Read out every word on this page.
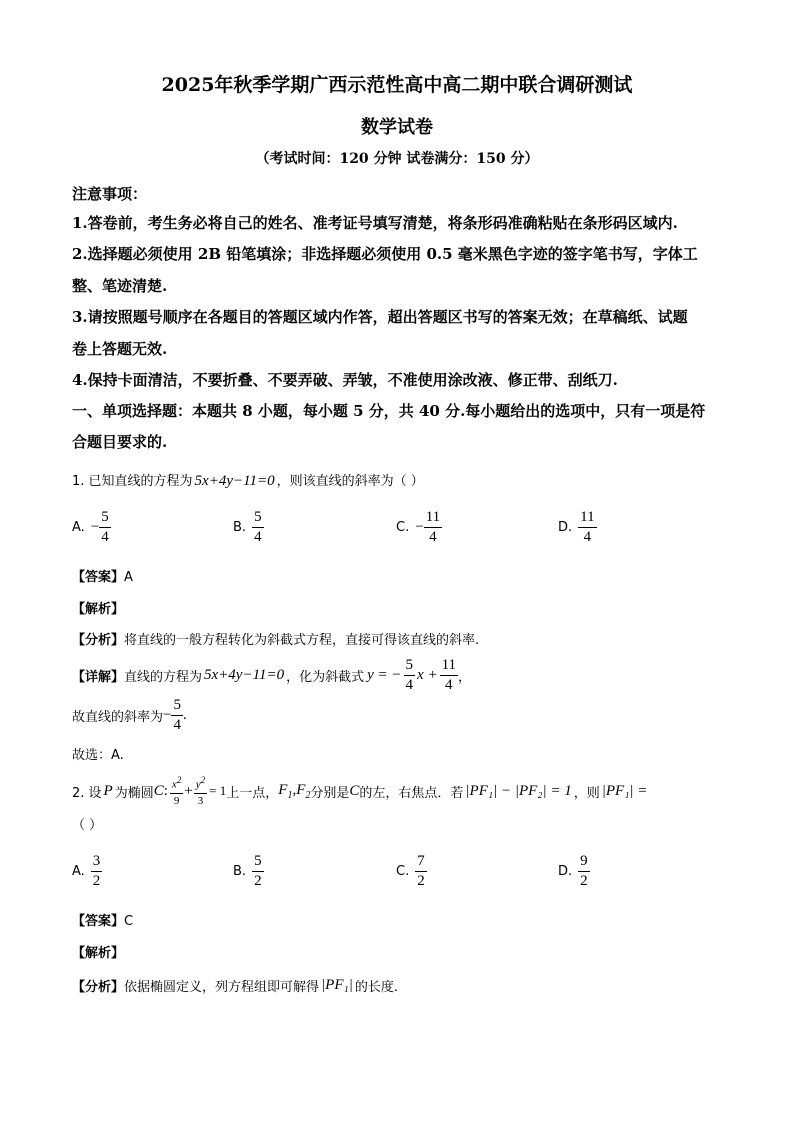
2025年秋季学期广西示范性高中高二期中联合调研测试
数学试卷
（考试时间：120 分钟 试卷满分：150 分）
注意事项：
1.答卷前，考生务必将自己的姓名、准考证号填写清楚，将条形码准确粘贴在条形码区域内.
2.选择题必须使用 2B 铅笔填涂；非选择题必须使用 0.5 毫米黑色字迹的签字笔书写，字体工
整、笔迹清楚.
3.请按照题号顺序在各题目的答题区域内作答，超出答题区书写的答案无效；在草稿纸、试题
卷上答题无效.
4.保持卡面清洁，不要折叠、不要弄破、弄皱，不准使用涂改液、修正带、刮纸刀.
一、单项选择题：本题共 8 小题，每小题 5 分，共 40 分.每小题给出的选项中，只有一项是符
合题目要求的.
1. 已知直线的方程为 5x+4y−11=0 ，则该直线的斜率为（ ）
A. − $\frac{5}{4}$	B. $\frac{5}{4}$	C. − $\frac{11}{4}$	D. $\frac{11}{4}$
【答案】A
【解析】
【分析】将直线的一般方程转化为斜截式方程，直接可得该直线的斜率.
【详解】 直线的方程为 5x+4y−11=0 ，化为斜截式 y = − $\frac{5}{4}$ $x + \frac{11}{4}$ ，
故直线的斜率为 − $\frac{5}{4}$ .
故选：A.
2. 设 P 为椭圆 C : $\frac{x^2}{9} + \frac{y^2}{3} = 1$ 上一点， $F_1,F_2$ 分别是 C 的左，右焦点．若 |PF₁| − |PF₂| = 1 ，则 |PF₁| =
（ ）
A. $\frac{3}{2}$	B. $\frac{5}{2}$	C. $\frac{7}{2}$	D. $\frac{9}{2}$
【答案】C
【解析】
【分析】 依据椭圆定义，列方程组即可解得 |PF₁| 的长度.
